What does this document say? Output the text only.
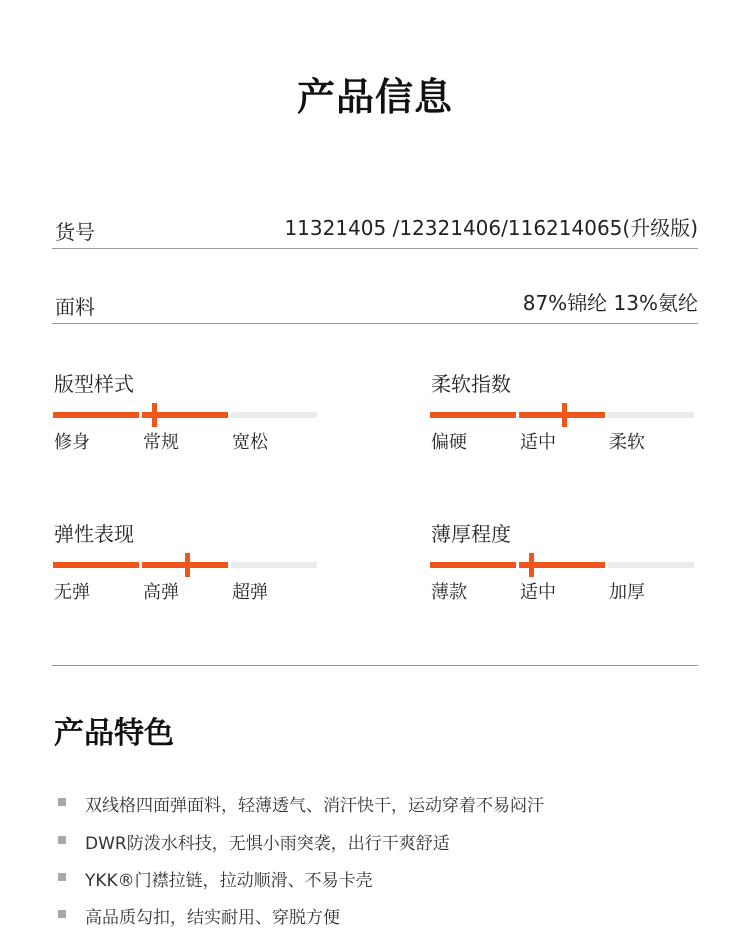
产品信息
货号	11321405 /12321406/116214065(升级版)
面料	87%锦纶 13%氨纶
版型样式
修身	常规	宽松
柔软指数
偏硬	适中	柔软
弹性表现
无弹	高弹	超弹
薄厚程度
薄款	适中	加厚
产品特色
双线格四面弹面料，轻薄透气、消汗快干，运动穿着不易闷汗
DWR防泼水科技，无惧小雨突袭，出行干爽舒适
YKK®门襟拉链，拉动顺滑、不易卡壳
高品质勾扣，结实耐用、穿脱方便
